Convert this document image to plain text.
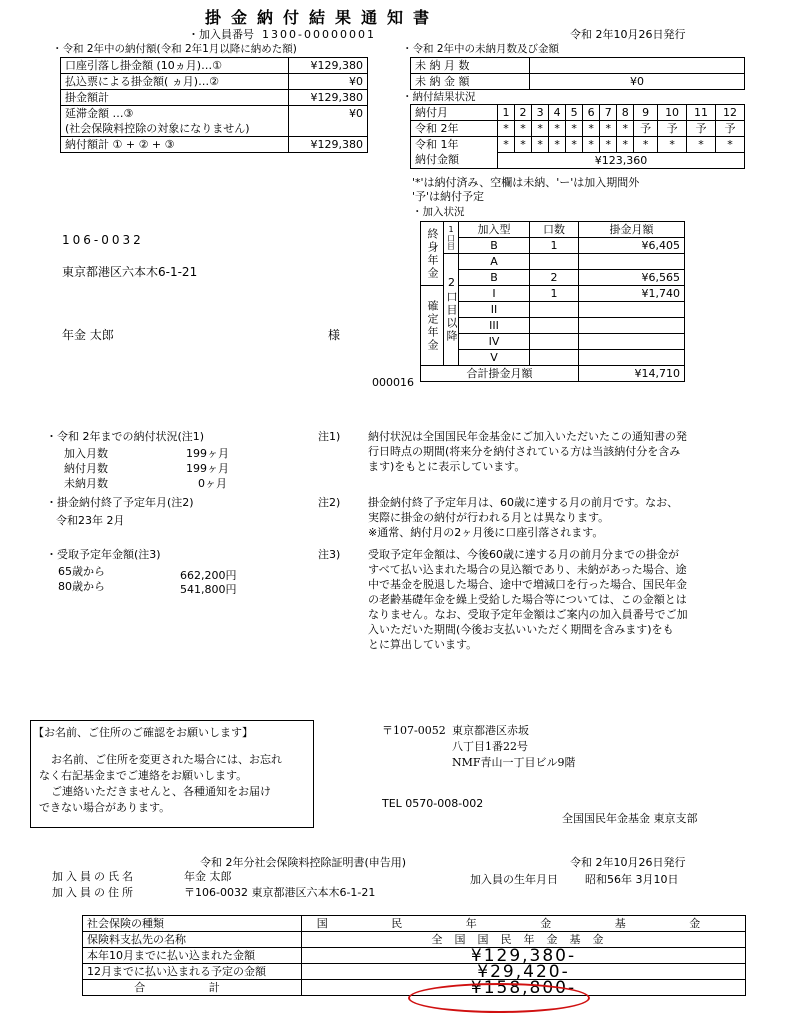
掛金納付結果通知書
・加入員番号 1300-00000001	令和 2年10月26日発行
・令和 2年中の納付額(令和 2年1月以降に納めた額)
口座引落し掛金額 (10ヵ月)…①	¥129,380
払込票による掛金額( ヵ月)…②	¥0
掛金額計	¥129,380
延滞金額 …③	¥0
(社会保険料控除の対象になりません)	
納付額計 ① + ② + ③	¥129,380
・令和 2年中の未納月数及び金額
未 納 月 数	
未 納 金 額	¥0
・納付結果状況
納付月	1	2	3	4	5	6	7	8	9	10	11	12
令和 2年	*	*	*	*	*	*	*	*	予	予	予	予
令和 1年	*	*	*	*	*	*	*	*	*	*	*	*
納付金額	¥123,360											
'*'は納付済み、空欄は未納、'ー'は加入期間外
'予'は納付予定
・加入状況
終身年金	1口目	加入型	口数	掛金月額
		B	1	¥6,405
	2口目以降	A		
		B	2	¥6,565
確定年金		I	1	¥1,740
		II		
		III		
		IV		
		V		
合計掛金月額				¥14,710
000016
106-0032
東京都港区六本木6-1-21
年金 太郎	様
・令和 2年までの納付状況(注1)
加入月数	199ヶ月
納付月数	199ヶ月
未納月数	0ヶ月
・掛金納付終了予定年月(注2)
令和23年 2月
・受取予定年金額(注3)
65歳から	662,200円
80歳から	541,800円
注1)	納付状況は全国国民年金基金にご加入いただいたこの通知書の発
行日時点の期間(将来分を納付されている方は当該納付分を含み
ます)をもとに表示しています。
注2)	掛金納付終了予定年月は、60歳に達する月の前月です。なお、
実際に掛金の納付が行われる月とは異なります。
※通常、納付月の2ヶ月後に口座引落されます。
注3)	受取予定年金額は、今後60歳に達する月の前月分までの掛金が
すべて払い込まれた場合の見込額であり、未納があった場合、途
中で基金を脱退した場合、途中で増減口を行った場合、国民年金
の老齢基礎年金を繰上受給した場合等については、この金額とは
なりません。なお、受取予定年金額はご案内の加入員番号でご加
入いただいた期間(今後お支払いいただく期間を含みます)をも
とに算出しています。
【お名前、ご住所のご確認をお願いします】
お名前、ご住所を変更された場合には、お忘れ
なく右記基金までご連絡をお願いします。
ご連絡いただきませんと、各種通知をお届け
できない場合があります。
〒107-0052 東京都港区赤坂
八丁目1番22号
NMF青山一丁目ビル9階
TEL 0570-008-002
全国国民年金基金 東京支部
令和 2年分社会保険料控除証明書(申告用)	令和 2年10月26日発行
加入員の氏名	年金 太郎	加入員の生年月日 昭和56年 3月10日
加入員の住所	〒106-0032 東京都港区六本木6-1-21
社会保険の種類	国 民 年 金 基 金
保険料支払先の名称	全国国民年金基金
本年10月までに払い込まれた金額	¥129,380-
12月までに払い込まれる予定の金額	¥29,420-
合 計	¥158,800-
